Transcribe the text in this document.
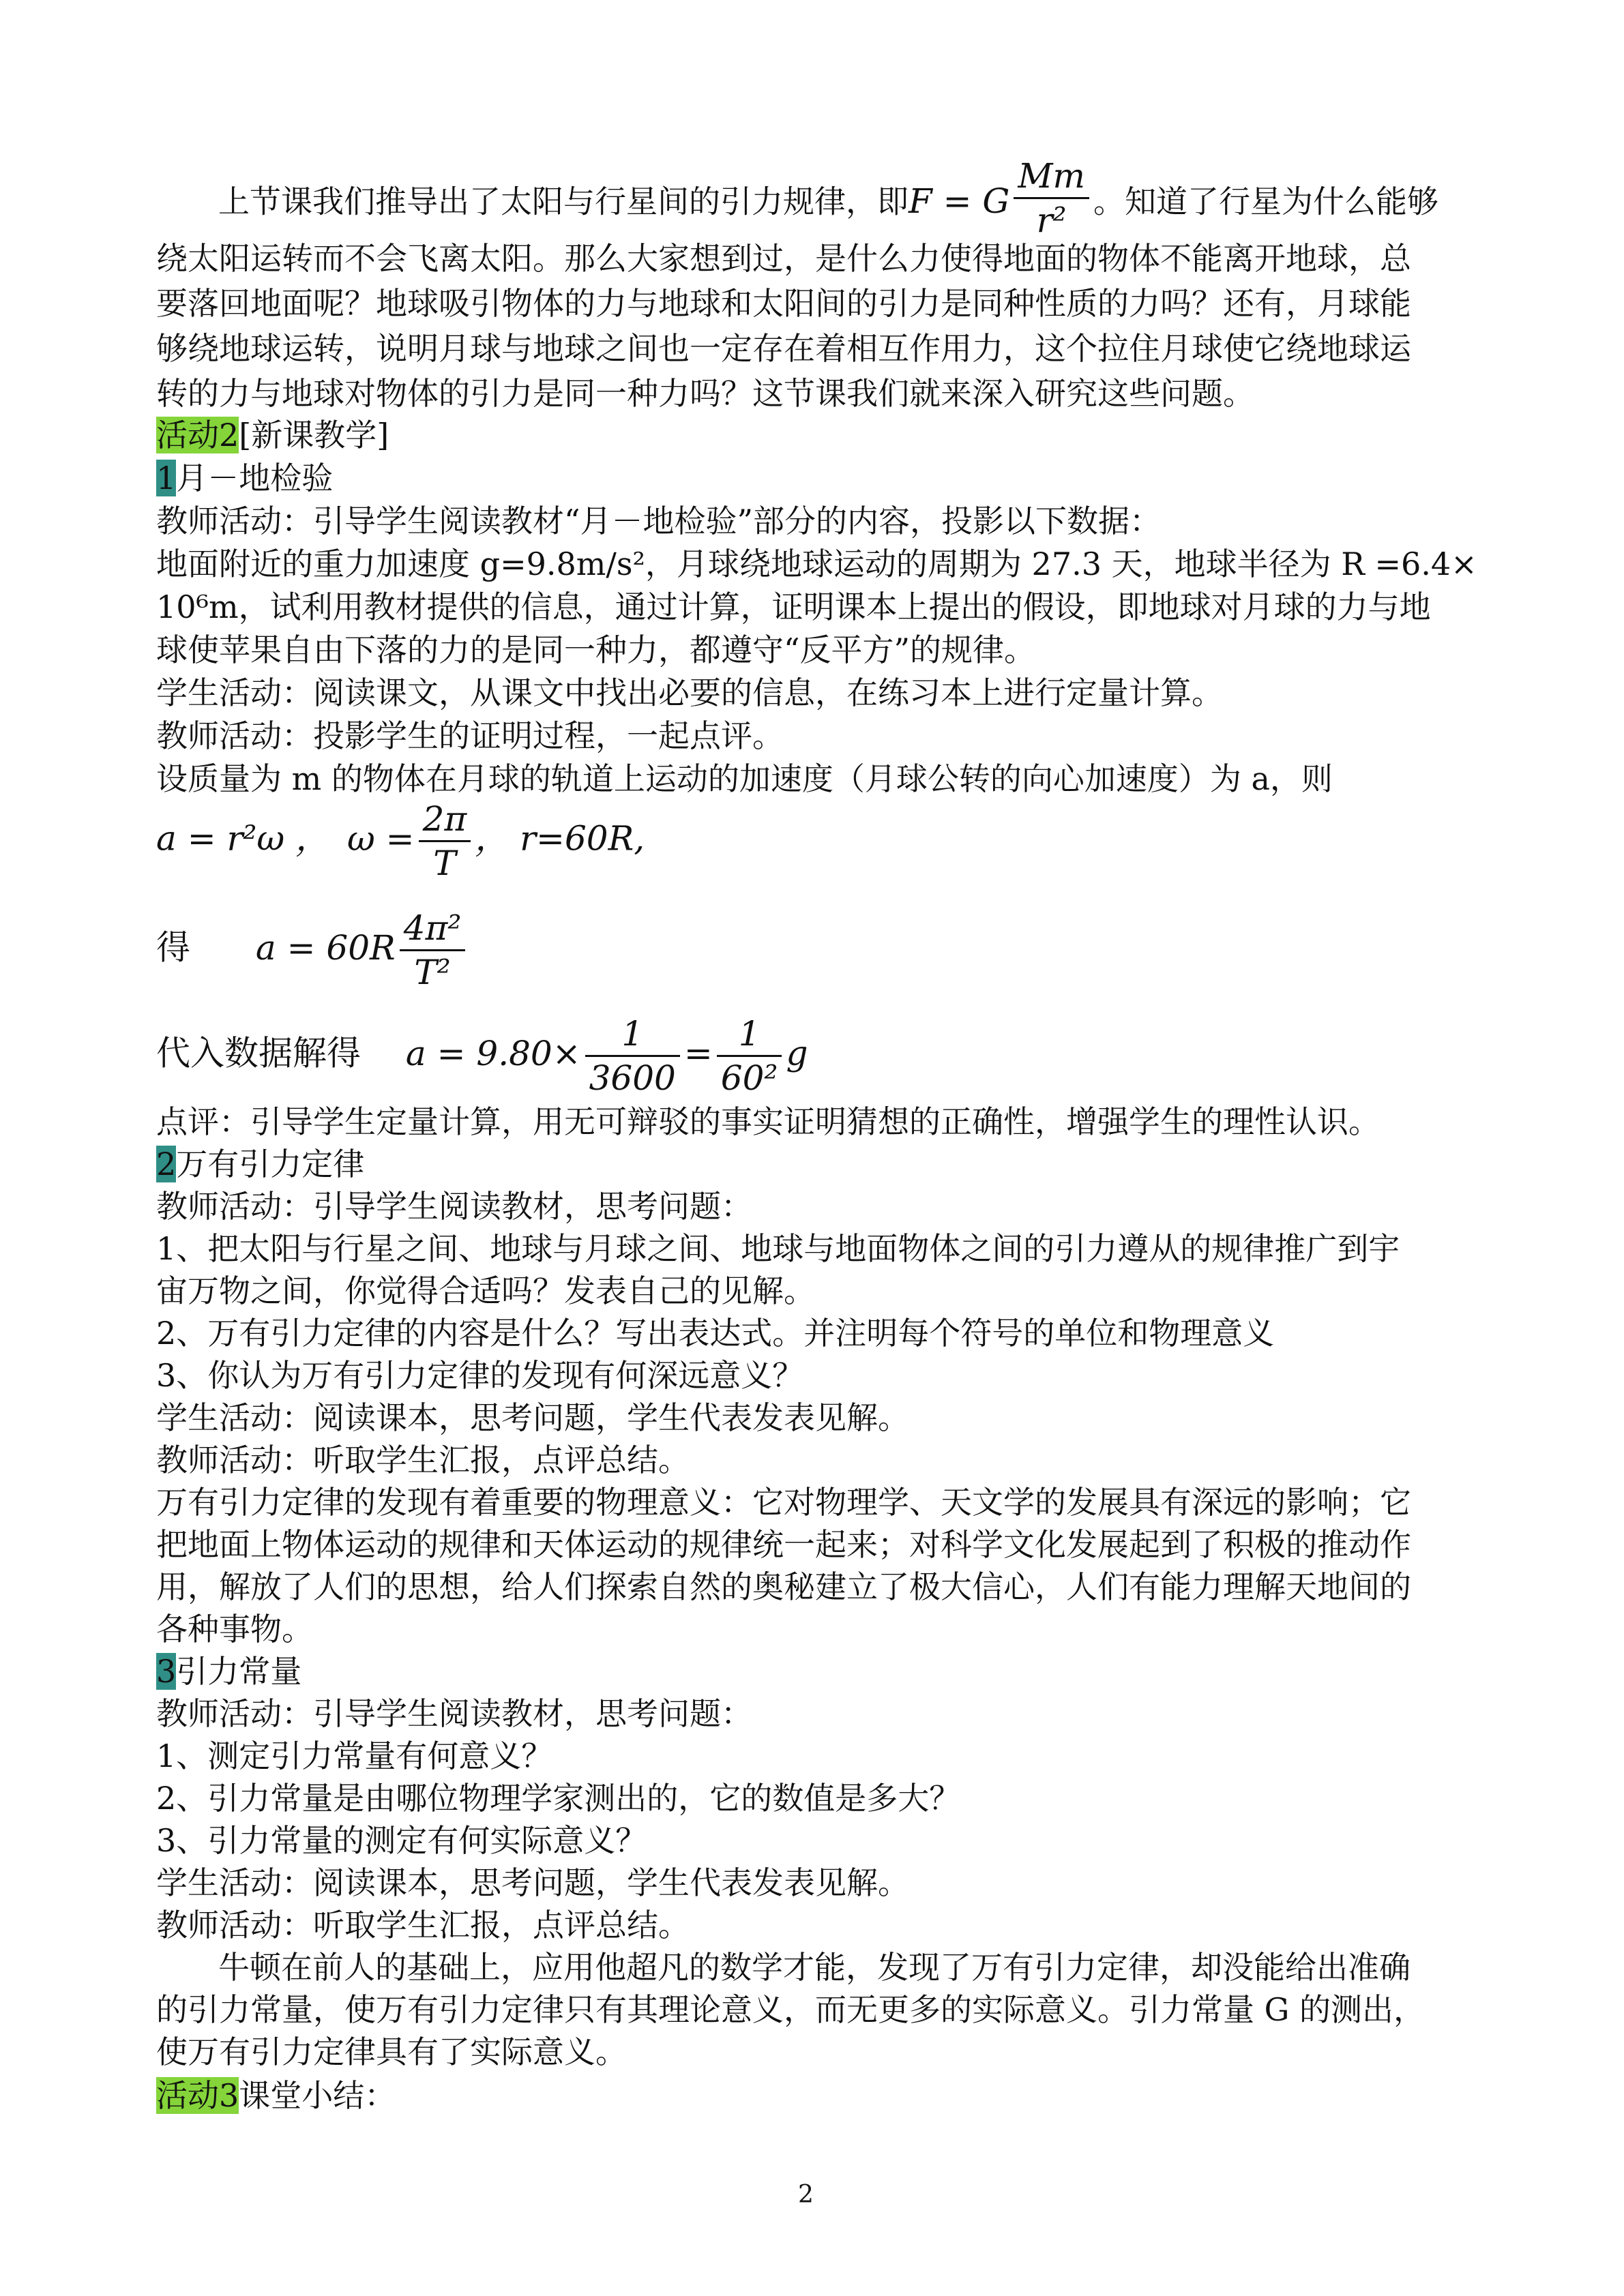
上节课我们推导出了太阳与行星间的引力规律，即F = G $\frac{Mm}{\text{r²}}$ 。知道了行星为什么能够
绕太阳运转而不会飞离太阳。那么大家想到过，是什么力使得地面的物体不能离开地球，总
要落回地面呢？地球吸引物体的力与地球和太阳间的引力是同种性质的力吗？还有，月球能
够绕地球运转，说明月球与地球之间也一定存在着相互作用力，这个拉住月球使它绕地球运
转的力与地球对物体的引力是同一种力吗？这节课我们就来深入研究这些问题。
活动2[新课教学]
1月－地检验
教师活动：引导学生阅读教材“月－地检验”部分的内容，投影以下数据：
地面附近的重力加速度 g=9.8m/s²，月球绕地球运动的周期为 27.3 天，地球半径为 R =6.4×
10⁶m，试利用教材提供的信息，通过计算，证明课本上提出的假设，即地球对月球的力与地
球使苹果自由下落的力的是同一种力，都遵守“反平方”的规律。
学生活动：阅读课文，从课文中找出必要的信息，在练习本上进行定量计算。
教师活动：投影学生的证明过程，一起点评。
设质量为 m 的物体在月球的轨道上运动的加速度（月球公转的向心加速度）为 a，则
a = r²ω ， $\omega = \frac{2\pi}{T}$ ， r=60R,
得 $a = 60R \frac{\text{4π²}}{\text{T²}}$
代入数据解得 $a = 9.80\times \frac{1}{3600} = \frac{1}{\text{60²}}$ g
点评：引导学生定量计算，用无可辩驳的事实证明猜想的正确性，增强学生的理性认识。
2万有引力定律
教师活动：引导学生阅读教材，思考问题：
1、把太阳与行星之间、地球与月球之间、地球与地面物体之间的引力遵从的规律推广到宇
宙万物之间，你觉得合适吗？发表自己的见解。
2、万有引力定律的内容是什么？写出表达式。并注明每个符号的单位和物理意义
3、你认为万有引力定律的发现有何深远意义？
学生活动：阅读课本，思考问题，学生代表发表见解。
教师活动：听取学生汇报，点评总结。
万有引力定律的发现有着重要的物理意义：它对物理学、天文学的发展具有深远的影响；它
把地面上物体运动的规律和天体运动的规律统一起来；对科学文化发展起到了积极的推动作
用，解放了人们的思想，给人们探索自然的奥秘建立了极大信心，人们有能力理解天地间的
各种事物。
3引力常量
教师活动：引导学生阅读教材，思考问题：
1、测定引力常量有何意义？
2、引力常量是由哪位物理学家测出的，它的数值是多大？
3、引力常量的测定有何实际意义？
学生活动：阅读课本，思考问题，学生代表发表见解。
教师活动：听取学生汇报，点评总结。
牛顿在前人的基础上，应用他超凡的数学才能，发现了万有引力定律，却没能给出准确
的引力常量，使万有引力定律只有其理论意义，而无更多的实际意义。引力常量 G 的测出，
使万有引力定律具有了实际意义。
活动3课堂小结：
2
